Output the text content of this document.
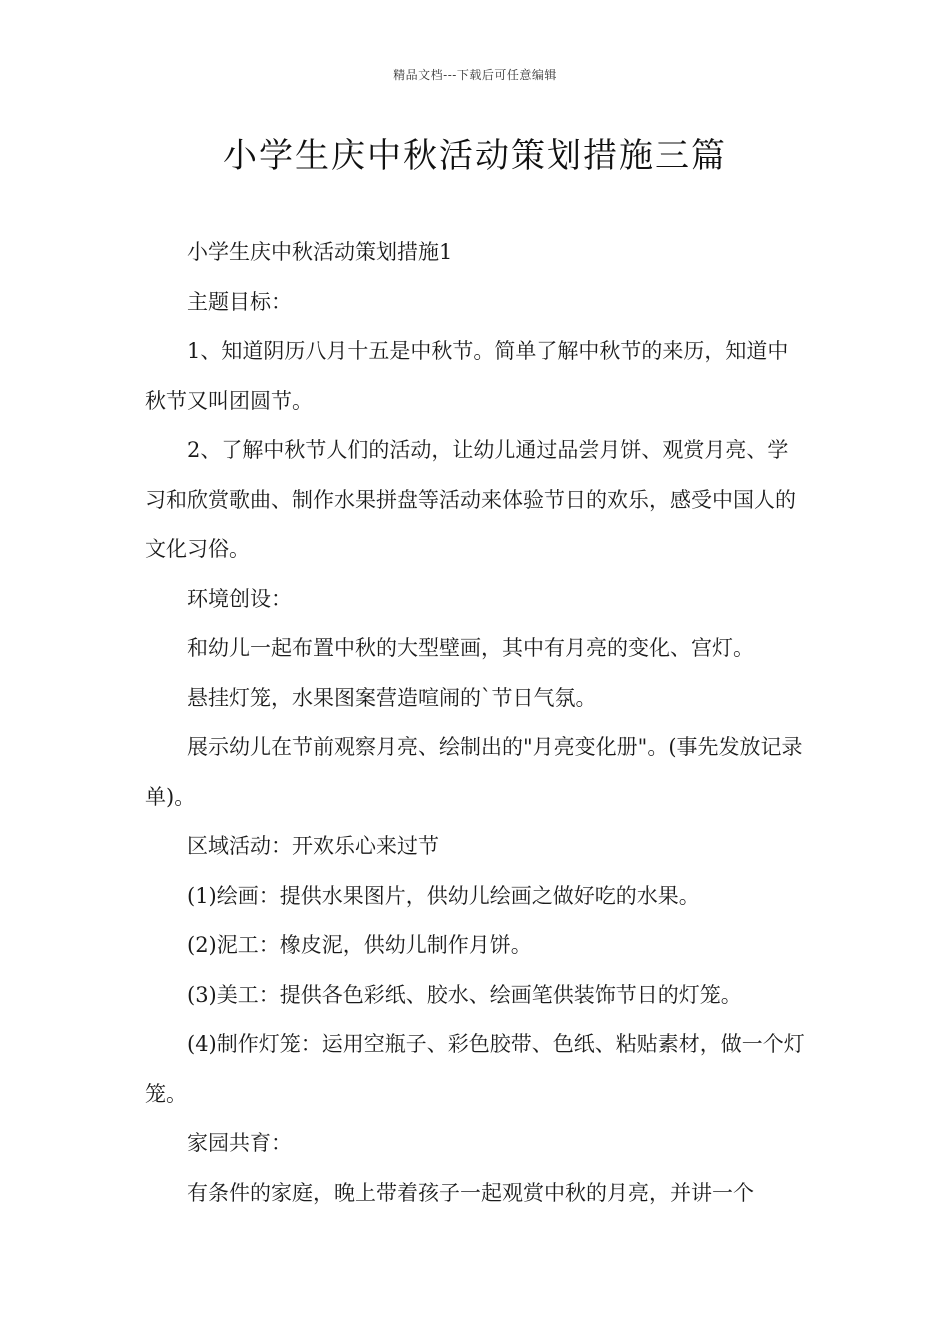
精品文档---下载后可任意编辑
小学生庆中秋活动策划措施三篇

小学生庆中秋活动策划措施1

主题目标：

1、知道阴历八月十五是中秋节。简单了解中秋节的来历，知道中秋节又叫团圆节。

2、了解中秋节人们的活动，让幼儿通过品尝月饼、观赏月亮、学习和欣赏歌曲、制作水果拼盘等活动来体验节日的欢乐，感受中国人的文化习俗。

环境创设：

和幼儿一起布置中秋的大型壁画，其中有月亮的变化、宫灯。

悬挂灯笼，水果图案营造喧闹的`节日气氛。

展示幼儿在节前观察月亮、绘制出的"月亮变化册"。(事先发放记录单)。

区域活动：开欢乐心来过节

(1)绘画：提供水果图片，供幼儿绘画之做好吃的水果。

(2)泥工：橡皮泥，供幼儿制作月饼。

(3)美工：提供各色彩纸、胶水、绘画笔供装饰节日的灯笼。

(4)制作灯笼：运用空瓶子、彩色胶带、色纸、粘贴素材，做一个灯笼。

家园共育：

有条件的家庭，晚上带着孩子一起观赏中秋的月亮，并讲一个
